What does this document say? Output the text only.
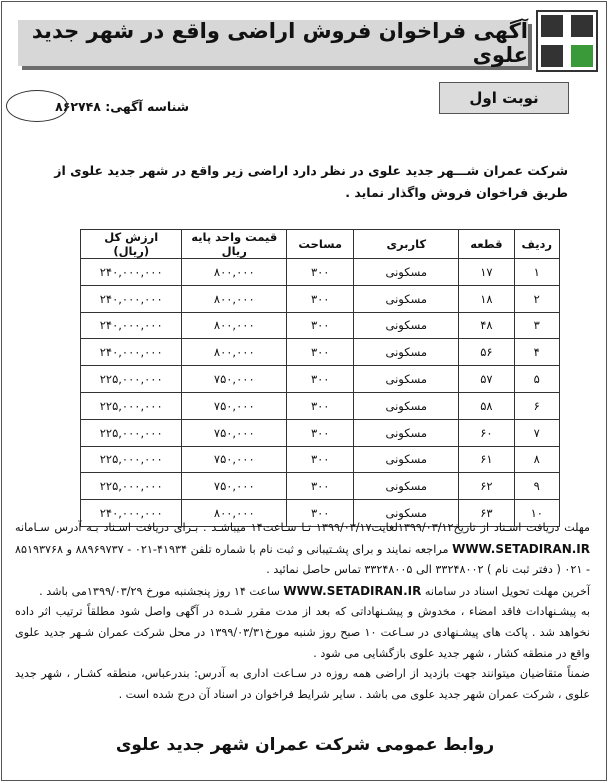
آگهی فراخوان فروش اراضی واقع در شهر جدید علوی
نوبت اول
شناسه آگهی: ۸۶۲۷۴۸
شرکت عمران شـــهر جدید علوی در نظر دارد اراضی زیر واقع در شهر جدید علوی از طریق فراخوان فروش واگذار نماید .
ردیف	قطعه	کاربری	مساحت	قیمت واحد پایه ریال	ارزش کل (ریال)
۱	۱۷	مسکونی	۳۰۰	۸۰۰,۰۰۰	۲۴۰,۰۰۰,۰۰۰
۲	۱۸	مسکونی	۳۰۰	۸۰۰,۰۰۰	۲۴۰,۰۰۰,۰۰۰
۳	۴۸	مسکونی	۳۰۰	۸۰۰,۰۰۰	۲۴۰,۰۰۰,۰۰۰
۴	۵۶	مسکونی	۳۰۰	۸۰۰,۰۰۰	۲۴۰,۰۰۰,۰۰۰
۵	۵۷	مسکونی	۳۰۰	۷۵۰,۰۰۰	۲۲۵,۰۰۰,۰۰۰
۶	۵۸	مسکونی	۳۰۰	۷۵۰,۰۰۰	۲۲۵,۰۰۰,۰۰۰
۷	۶۰	مسکونی	۳۰۰	۷۵۰,۰۰۰	۲۲۵,۰۰۰,۰۰۰
۸	۶۱	مسکونی	۳۰۰	۷۵۰,۰۰۰	۲۲۵,۰۰۰,۰۰۰
۹	۶۲	مسکونی	۳۰۰	۷۵۰,۰۰۰	۲۲۵,۰۰۰,۰۰۰
۱۰	۶۳	مسکونی	۳۰۰	۸۰۰,۰۰۰	۲۴۰,۰۰۰,۰۰۰

مهلت دریافت اسـناد از تاریخ۱۳۹۹/۰۳/۱۲لغایت۱۳۹۹/۰۳/۱۷ تـا سـاعت۱۴ میباشـد . بـرای دریافت اسـناد بـه آدرس سـامانه WWW.SETADIRAN.IR مراجعه نمایند و برای پشـتیبانی و ثبت نام با شماره تلفن ۴۱۹۳۴-۰۲۱ - ۸۸۹۶۹۷۳۷ و ۸۵۱۹۳۷۶۸ - ۰۲۱ ( دفتر ثبت نام ) ۳۳۲۴۸۰۰۲ الی ۳۳۲۴۸۰۰۵ تماس حاصل نمائید .

آخرین مهلت تحویل اسناد در سامانه WWW.SETADIRAN.IR ساعت ۱۴ روز پنجشنبه مورخ ۱۳۹۹/۰۳/۲۹می باشد .

به پیشـنهادات فاقد امضاء ، مخدوش و پیشـنهاداتی که بعد از مدت مقرر شـده در آگهی واصل شود مطلقاً ترتیب اثر داده نخواهد شد . پاکت های پیشـنهادی در سـاعت ۱۰ صبح روز شنبه مورخ۱۳۹۹/۰۳/۳۱ در محل شرکت عمران شـهر جدید علوی واقع در منطقه کشار ، شهر جدید علوی بازگشایی می شود .

ضمناً متقاضیان میتوانند جهت بازدید از اراضی همه روزه در سـاعت اداری به آدرس: بندرعباس، منطقه کشـار ، شهر جدید علوی ، شرکت عمران شهر جدید علوی می باشد . سایر شرایط فراخوان در اسناد آن درج شده است .

روابط عمومی شرکت عمران شهر جدید علوی
